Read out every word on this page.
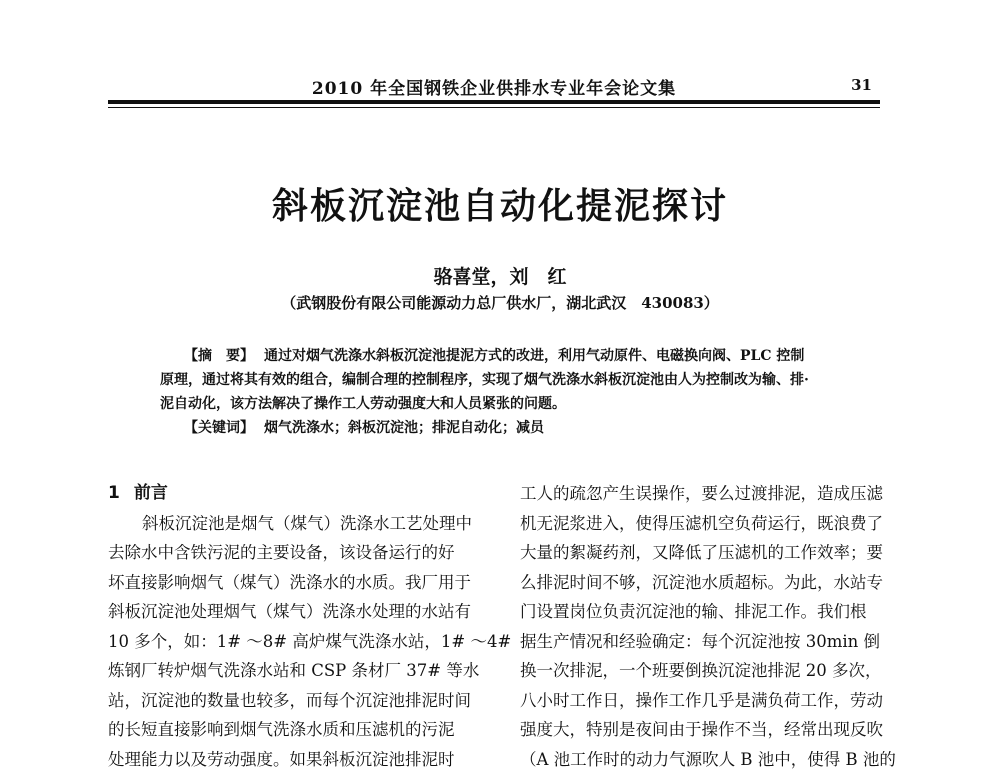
2010 年全国钢铁企业供排水专业年会论文集	31
斜板沉淀池自动化提泥探讨
骆喜堂，刘　红
（武钢股份有限公司能源动力总厂供水厂，湖北武汉　430083）
【摘　要】 通过对烟气洗涤水斜板沉淀池提泥方式的改进，利用气动原件、电磁换向阀、PLC 控制
原理，通过将其有效的组合，编制合理的控制程序，实现了烟气洗涤水斜板沉淀池由人为控制改为输、排·
泥自动化，该方法解决了操作工人劳动强度大和人员紧张的问题。
【关键词】 烟气洗涤水；斜板沉淀池；排泥自动化；减员
1 前言
斜板沉淀池是烟气（煤气）洗涤水工艺处理中
去除水中含铁污泥的主要设备，该设备运行的好
坏直接影响烟气（煤气）洗涤水的水质。我厂用于
斜板沉淀池处理烟气（煤气）洗涤水处理的水站有
10 多个，如：1# ～8# 高炉煤气洗涤水站，1# ～4#
炼钢厂转炉烟气洗涤水站和 CSP 条材厂 37# 等水
站，沉淀池的数量也较多，而每个沉淀池排泥时间
的长短直接影响到烟气洗涤水质和压滤机的污泥
处理能力以及劳动强度。如果斜板沉淀池排泥时
工人的疏忽产生误操作，要么过渡排泥，造成压滤
机无泥浆进入，使得压滤机空负荷运行，既浪费了
大量的絮凝药剂，又降低了压滤机的工作效率；要
么排泥时间不够，沉淀池水质超标。为此，水站专
门设置岗位负责沉淀池的输、排泥工作。我们根
据生产情况和经验确定：每个沉淀池按 30min 倒
换一次排泥，一个班要倒换沉淀池排泥 20 多次，
八小时工作日，操作工作几乎是满负荷工作，劳动
强度大，特别是夜间由于操作不当，经常出现反吹
（A 池工作时的动力气源吹人 B 池中，使得 B 池的
